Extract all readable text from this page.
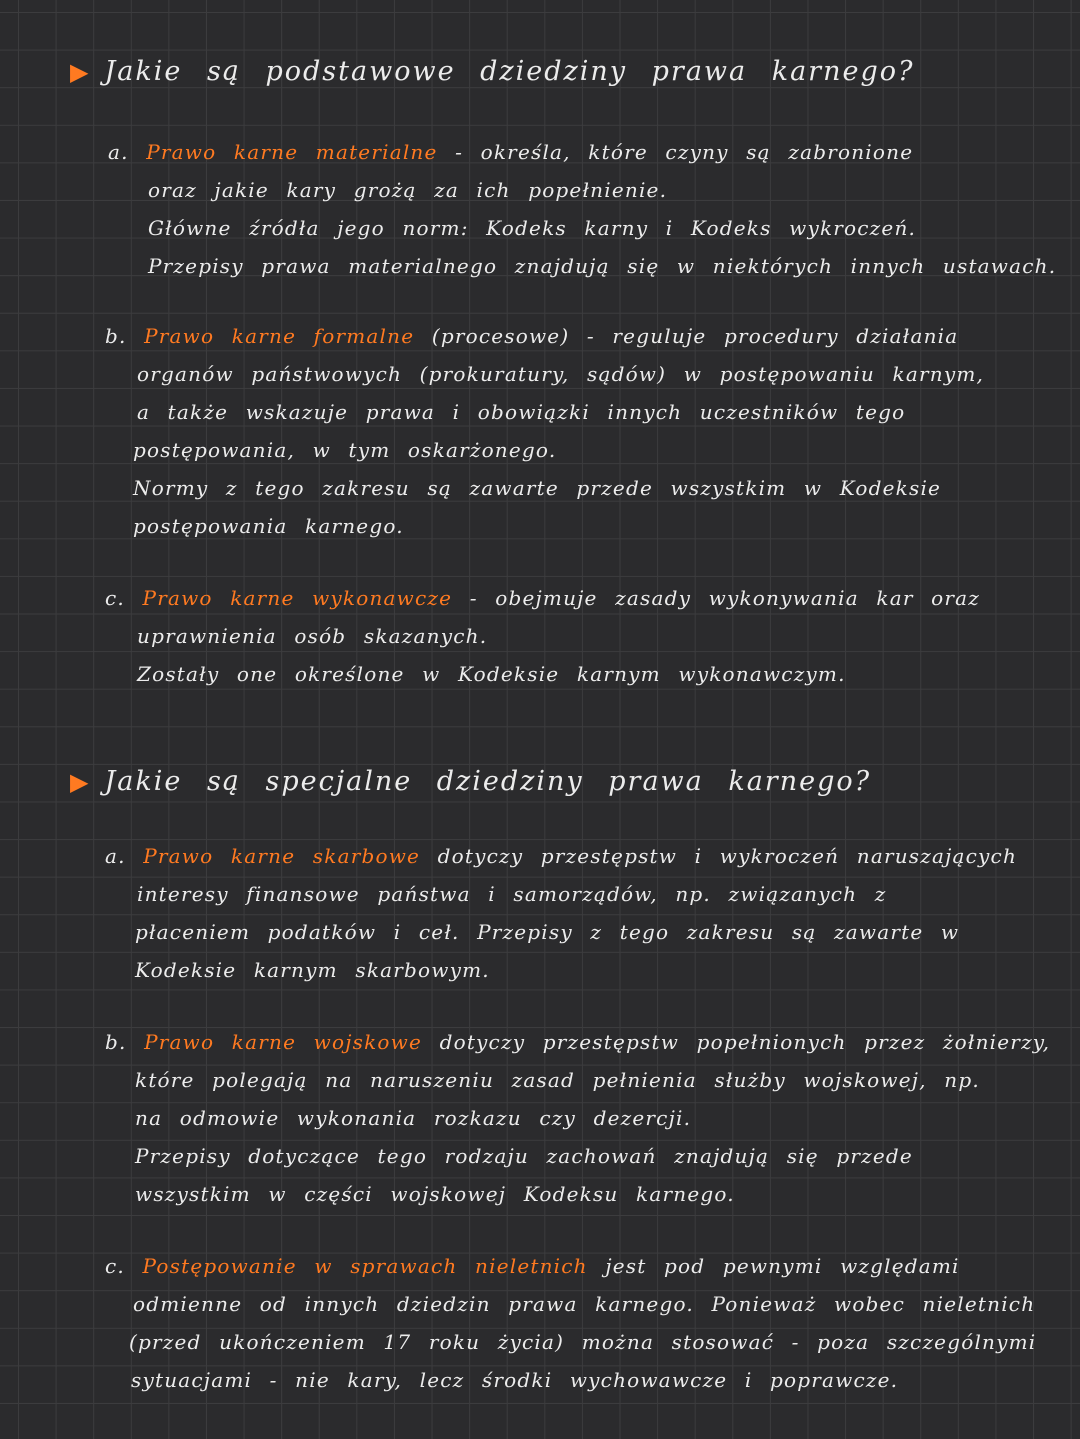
▶ Jakie są podstawowe dziedziny prawa karnego?
a. Prawo karne materialne - określa, które czyny są zabronione
oraz jakie kary grożą za ich popełnienie.
Główne źródła jego norm: Kodeks karny i Kodeks wykroczeń.
Przepisy prawa materialnego znajdują się w niektórych innych ustawach.
b. Prawo karne formalne (procesowe) - reguluje procedury działania
organów państwowych (prokuratury, sądów) w postępowaniu karnym,
a także wskazuje prawa i obowiązki innych uczestników tego
postępowania, w tym oskarżonego.
Normy z tego zakresu są zawarte przede wszystkim w Kodeksie
postępowania karnego.
c. Prawo karne wykonawcze - obejmuje zasady wykonywania kar oraz
uprawnienia osób skazanych.
Zostały one określone w Kodeksie karnym wykonawczym.
▶ Jakie są specjalne dziedziny prawa karnego?
a. Prawo karne skarbowe dotyczy przestępstw i wykroczeń naruszających
interesy finansowe państwa i samorządów, np. związanych z
płaceniem podatków i ceł. Przepisy z tego zakresu są zawarte w
Kodeksie karnym skarbowym.
b. Prawo karne wojskowe dotyczy przestępstw popełnionych przez żołnierzy,
które polegają na naruszeniu zasad pełnienia służby wojskowej, np.
na odmowie wykonania rozkazu czy dezercji.
Przepisy dotyczące tego rodzaju zachowań znajdują się przede
wszystkim w części wojskowej Kodeksu karnego.
c. Postępowanie w sprawach nieletnich jest pod pewnymi względami
odmienne od innych dziedzin prawa karnego. Ponieważ wobec nieletnich
(przed ukończeniem 17 roku życia) można stosować - poza szczególnymi
sytuacjami - nie kary, lecz środki wychowawcze i poprawcze.
